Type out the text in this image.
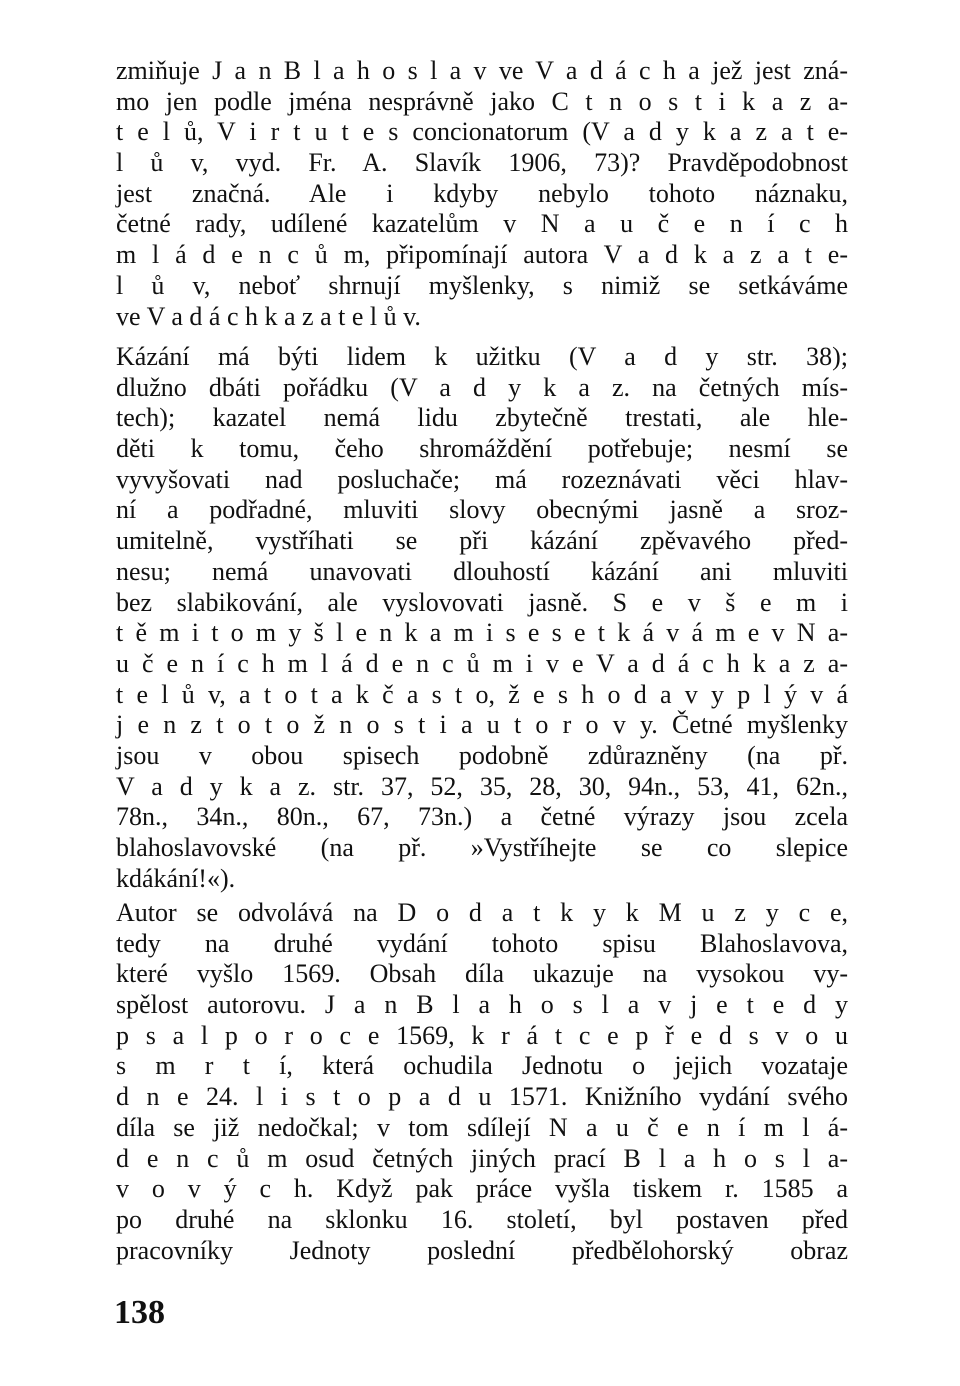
zmiňuje J a n B l a h o s l a v ve V a d á c h a jež jest zná-
mo jen podle jména nesprávně jako C t n o s t i k a z a-
t e l ů, V i r t u t e s concionatorum (V a d y k a z a t e-
l ů v, vyd. Fr. A. Slavík 1906, 73)? Pravděpodobnost
jest značná. Ale i kdyby nebylo tohoto náznaku,
četné rady, udílené kazatelům v N a u č e n í c h
m l á d e n c ů m, připomínají autora V a d k a z a t e-
l ů v, neboť shrnují myšlenky, s nimiž se setkáváme
ve V a d á c h k a z a t e l ů v.
Kázání má býti lidem k užitku (V a d y str. 38);
dlužno dbáti pořádku (V a d y k a z. na četných mís-
tech); kazatel nemá lidu zbytečně trestati, ale hle-
děti k tomu, čeho shromáždění potřebuje; nesmí se
vyvyšovati nad posluchače; má rozeznávati věci hlav-
ní a podřadné, mluviti slovy obecnými jasně a sroz-
umitelně, vystříhati se při kázání zpěvavého před-
nesu; nemá unavovati dlouhostí kázání ani mluviti
bez slabikování, ale vyslovovati jasně. S e v š e m i
t ě m i t o m y š l e n k a m i s e s e t k á v á m e v N a-
u č e n í c h m l á d e n c ů m i v e V a d á c h k a z a-
t e l ů v, a t o t a k č a s t o, ž e s h o d a v y p l ý v á
j e n z t o t o ž n o s t i a u t o r o v y. Četné myšlenky
jsou v obou spisech podobně zdůrazněny (na př.
V a d y k a z. str. 37, 52, 35, 28, 30, 94n., 53, 41, 62n.,
78n., 34n., 80n., 67, 73n.) a četné výrazy jsou zcela
blahoslavovské (na př. »Vystříhejte se co slepice
kdákání!«).
Autor se odvolává na D o d a t k y k M u z y c e,
tedy na druhé vydání tohoto spisu Blahoslavova,
které vyšlo 1569. Obsah díla ukazuje na vysokou vy-
spělost autorovu. J a n B l a h o s l a v j e t e d y
p s a l p o r o c e 1569, k r á t c e p ř e d s v o u
s m r t í, která ochudila Jednotu o jejich vozataje
d n e 24. l i s t o p a d u 1571. Knižního vydání svého
díla se již nedočkal; v tom sdílejí N a u č e n í m l á-
d e n c ů m osud četných jiných prací B l a h o s l a-
v o v ý c h. Když pak práce vyšla tiskem r. 1585 a
po druhé na sklonku 16. století, byl postaven před
pracovníky Jednoty poslední předbělohorský obraz
138
